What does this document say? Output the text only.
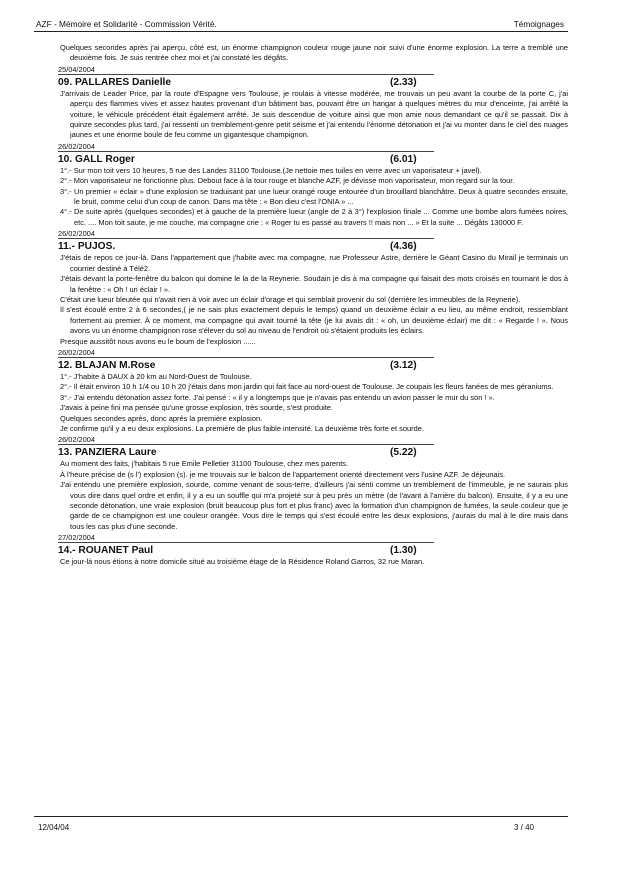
AZF - Mémoire et Solidarité - Commission Vérité.	Témoignages

Quelques secondes après j'ai aperçu, côté est, un énorme champignon couleur rouge jaune noir suivi d'une énorme explosion. La terre a tremblé une deuxième fois. Je suis rentrée chez moi et j'ai constaté les dégâts.

25/04/2004
09. PALLARES Danielle	(2.33)

J'arrivais de Leader Price, par la route d'Espagne vers Toulouse, je roulais à vitesse modérée, me trouvais un peu avant la courbe de la porte C, j'ai aperçu des flammes vives et assez hautes provenant d'un bâtiment bas, pouvant être un hangar à quelques mètres du mur d'enceinte, j'ai arrêté la voiture, le véhicule précédent était également arrêté. Je suis descendue de voiture ainsi que mon amie nous demandant ce qu'il se passait. Dix à quinze secondes plus tard, j'ai ressenti un tremblement-genre petit séisme et j'ai entendu l'énorme détonation et j'ai vu monter dans le ciel des nuages jaunes et une énorme boule de feu comme un gigantesque champignon.

26/02/2004
10. GALL Roger	(6.01)

1°.- Sur mon toit vers 10 heures, 5 rue des Landes 31100 Toulouse.(Je nettoie mes tuiles en verre avec un vaporisateur + javel).

2°.- Mon vaporisateur ne fonctionne plus. Debout face à la tour rouge et blanche AZF, je dévisse mon vaporisateur, mon regard sur la tour.

3°.- Un premier « éclair » d'une explosion se traduisant par une lueur orangé rouge entourée d'un brouillard blanchâtre. Deux à quatre secondes ensuite, le bruit, comme celui d'un coup de canon. Dans ma tête : « Bon dieu c'est l'ONIA » ...

4°.- De suite après (quelques secondes) et à gauche de la première lueur (angle de 2 à 3°) l'explosion finale ... Comme une bombe alors fumées noires, etc. .... Mon toit saute, je me couche, ma compagne crie : « Roger tu es passé au travers !! mais non ... » Et la suite ... Dégâts 130000 F.

26/02/2004
11.- PUJOS.	(4.36)

J'étais de repos ce jour-là. Dans l'appartement que j'habite avec ma compagne, rue Professeur Astre, derrière le Géant Casino du Mirail je terminais un courrier destiné à Télé2.

J'étais devant la porte-fenêtre du balcon qui domine le la de la Reynerie. Soudain je dis à ma compagne qui faisait des mots croisés en tournant le dos à la fenêtre : « Oh ! un éclair ! ».

C'était une lueur bleutée qui n'avait rien à voir avec un éclair d'orage et qui semblait provenir du sol (derrière les immeubles de la Reynerie).

Il s'est écoulé entre 2 à 6 secondes,( je ne sais plus exactement depuis le temps) quand un deuxième éclair a eu lieu, au même endroit, ressemblant fortement au premier. À ce moment, ma compagne qui avait tourné la tête (je lui avais dit : « oh, un deuxième éclair) me dit : « Regarde ! ». Nous avons vu un énorme champignon rose s'élever du sol au niveau de l'endroit où s'étaient produits les éclairs.

Presque aussitôt nous avons eu le boum de l'explosion ......

26/02/2004
12. BLAJAN M.Rose	(3.12)

1°.- J'habite à DAUX à 20 km au Nord-Ouest de Toulouse.

2°.- Il était environ 10 h 1/4 ou 10 h 20 j'étais dans mon jardin qui fait face au nord-ouest de Toulouse. Je coupais les fleurs fanées de mes géraniums.

3°.- J'ai entendu détonation assez forte. J'ai pensé : « il y a longtemps que je n'avais pas entendu un avion passer le mur du son ! ».

J'avais à peine fini ma pensée qu'une grosse explosion, très sourde, s'est produite.

Quelques secondes après, donc après la première explosion.

Je confirme qu'il y a eu deux explosions. La première de plus faible intensité. La deuxième très forte et sourde.

26/02/2004
13. PANZIERA Laure	(5.22)

Au moment des faits, j'habitais 5 rue Emile Pelletier 31100 Toulouse, chez mes parents.

À l'heure précise de (s l') explosion (s). je me trouvais sur le balcon de l'appartement orienté directement vers l'usine AZF. Je déjeunais.

J'ai entendu une première explosion, sourde, comme venant de sous-terre, d'ailleurs j'ai senti comme un tremblement de l'immeuble, je ne saurais plus vous dire dans quel ordre et enfin, il y a eu un souffle qui m'a projeté sur à peu près un mètre (de l'avant à l'arrière du balcon). Ensuite, il y a eu une seconde détonation, une vraie explosion (bruit beaucoup plus fort et plus franc) avec la formation d'un champignon de fumées, la seule couleur que je garde de ce champignon est une couleur orangée. Vous dire le temps qui s'est écoulé entre les deux explosions, j'aurais du mal à le dire mais dans tous les cas plus d'une seconde.

27/02/2004
14.- ROUANET Paul	(1.30)

Ce jour-là nous étions à notre domicile situé au troisième étage de la Résidence Roland Garros, 32 rue Maran.

12/04/04	3 / 40
